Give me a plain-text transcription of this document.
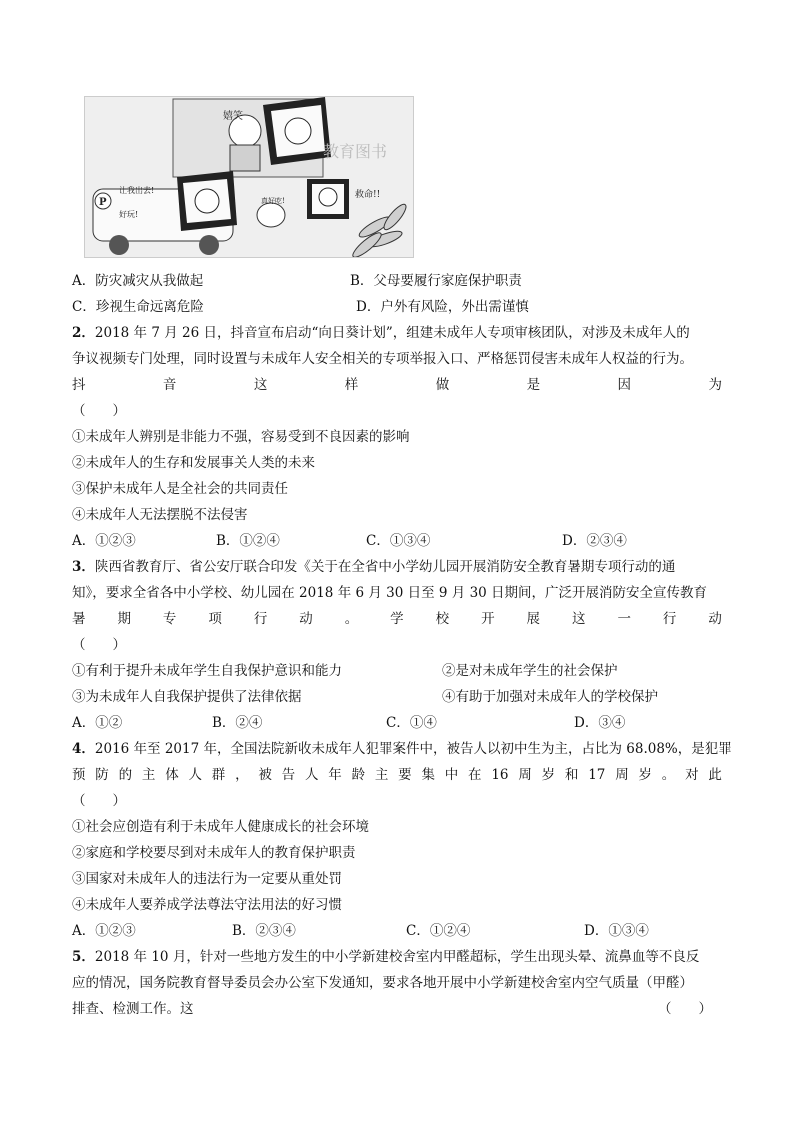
嬉笑
P
让我出去!
好玩!
教育图书
救命!!
真好吃!
A．防灾减灾从我做起	B．父母要履行家庭保护职责
C．珍视生命远离危险	D．户外有风险，外出需谨慎
2．2018 年 7 月 26 日，抖音宣布启动“向日葵计划”，组建未成年人专项审核团队，对涉及未成年人的
争议视频专门处理，同时设置与未成年人安全相关的专项举报入口、严格惩罚侵害未成年人权益的行为。
抖	音	这	样	做	是	因	为
（　　）
①未成年人辨别是非能力不强，容易受到不良因素的影响
②未成年人的生存和发展事关人类的未来
③保护未成年人是全社会的共同责任
④未成年人无法摆脱不法侵害
A．①②③	B．①②④	C．①③④	D．②③④
3．陕西省教育厅、省公安厅联合印发《关于在全省中小学幼儿园开展消防安全教育暑期专项行动的通
知》，要求全省各中小学校、幼儿园在 2018 年 6 月 30 日至 9 月 30 日期间，广泛开展消防安全宣传教育
暑 期 专 项 行 动 。 学 校 开 展 这 一 行 动
（　　）
①有利于提升未成年学生自我保护意识和能力	②是对未成年学生的社会保护
③为未成年人自我保护提供了法律依据	④有助于加强对未成年人的学校保护
A．①②	B．②④	C．①④	D．③④
4．2016 年至 2017 年，全国法院新收未成年人犯罪案件中，被告人以初中生为主，占比为 68.08%，是犯罪
预 防 的 主 体 人 群 ， 被 告 人 年 龄 主 要 集 中 在 16 周 岁 和 17 周 岁 。 对 此
（　　）
①社会应创造有利于未成年人健康成长的社会环境
②家庭和学校要尽到对未成年人的教育保护职责
③国家对未成年人的违法行为一定要从重处罚
④未成年人要养成学法尊法守法用法的好习惯
A．①②③	B．②③④	C．①②④	D．①③④
5．2018 年 10 月，针对一些地方发生的中小学新建校舍室内甲醛超标，学生出现头晕、流鼻血等不良反
应的情况，国务院教育督导委员会办公室下发通知，要求各地开展中小学新建校舍室内空气质量（甲醛）
排查、检测工作。这	（　　）
